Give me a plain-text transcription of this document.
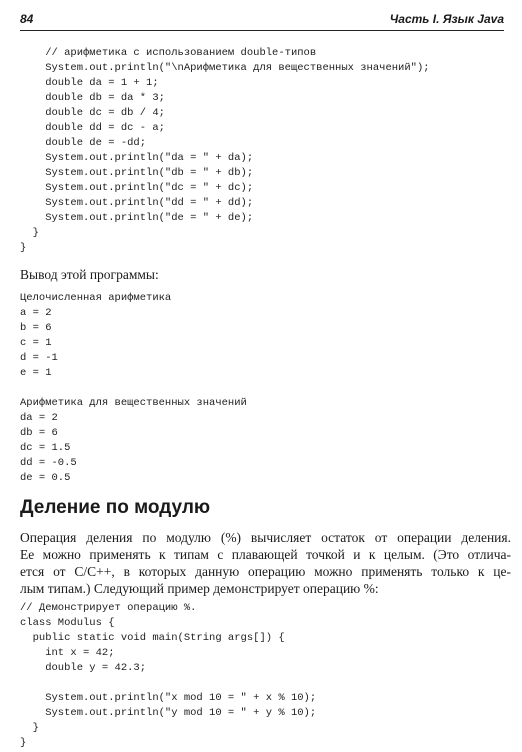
84	Часть I. Язык Java
// арифметика с использованием double-типов
System.out.println("\nАрифметика для вещественных значений");
double da = 1 + 1;
double db = da * 3;
double dc = db / 4;
double dd = dc - a;
double de = -dd;
System.out.println("da = " + da);
System.out.println("db = " + db);
System.out.println("dc = " + dc);
System.out.println("dd = " + dd);
System.out.println("de = " + de);
}
}
Вывод этой программы:
Целочисленная арифметика
a = 2
b = 6
c = 1
d = -1
e = 1
Арифметика для вещественных значений
da = 2
db = 6
dc = 1.5
dd = -0.5
de = 0.5
Деление по модулю
Операция деления по модулю (%) вычисляет остаток от операции деления.
Ее можно применять к типам с плавающей точкой и к целым. (Это отлича-
ется от C/C++, в которых данную операцию можно применять только к це-
лым типам.) Следующий пример демонстрирует операцию %:
// Демонстрирует операцию %.
class Modulus {
public static void main(String args[]) {
int x = 42;
double y = 42.3;
System.out.println("x mod 10 = " + x % 10);
System.out.println("y mod 10 = " + y % 10);
}
}
